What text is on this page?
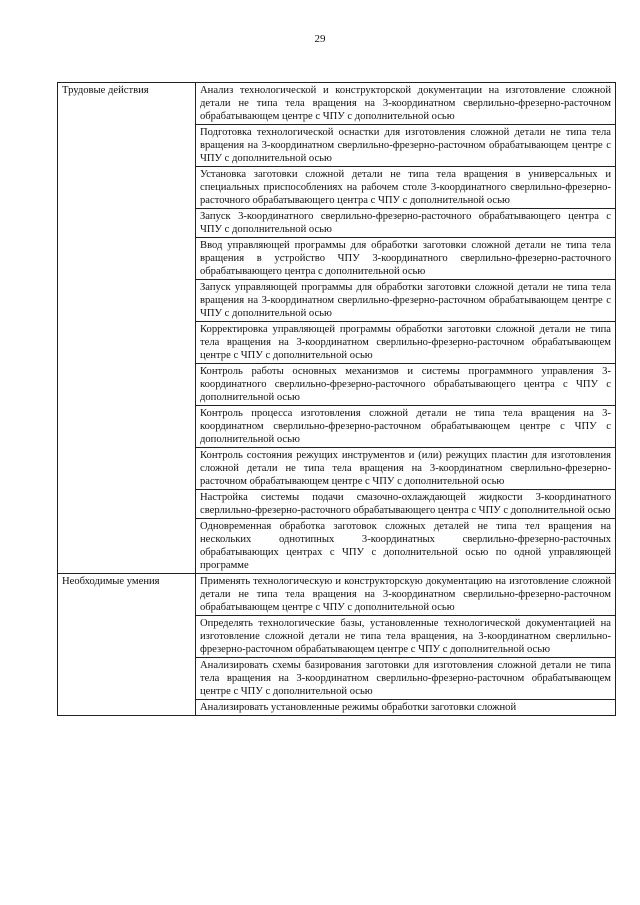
29
Трудовые действия	Анализ технологической и конструкторской документации на изготовление сложной детали не типа тела вращения на 3-координатном сверлильно-фрезерно-расточном обрабатывающем центре с ЧПУ с дополнительной осью
	Подготовка технологической оснастки для изготовления сложной детали не типа тела вращения на 3-координатном сверлильно-фрезерно-расточном обрабатывающем центре с ЧПУ с дополнительной осью
	Установка заготовки сложной детали не типа тела вращения в универсальных и специальных приспособлениях на рабочем столе 3-координатного сверлильно-фрезерно-расточного обрабатывающего центра с ЧПУ с дополнительной осью
	Запуск 3-координатного сверлильно-фрезерно-расточного обрабатывающего центра с ЧПУ с дополнительной осью
	Ввод управляющей программы для обработки заготовки сложной детали не типа тела вращения в устройство ЧПУ 3-координатного сверлильно-фрезерно-расточного обрабатывающего центра с дополнительной осью
	Запуск управляющей программы для обработки заготовки сложной детали не типа тела вращения на 3-координатном сверлильно-фрезерно-расточном обрабатывающем центре с ЧПУ с дополнительной осью
	Корректировка управляющей программы обработки заготовки сложной детали не типа тела вращения на 3-координатном сверлильно-фрезерно-расточном обрабатывающем центре с ЧПУ с дополнительной осью
	Контроль работы основных механизмов и системы программного управления 3-координатного сверлильно-фрезерно-расточного обрабатывающего центра с ЧПУ с дополнительной осью
	Контроль процесса изготовления сложной детали не типа тела вращения на 3-координатном сверлильно-фрезерно-расточном обрабатывающем центре с ЧПУ с дополнительной осью
	Контроль состояния режущих инструментов и (или) режущих пластин для изготовления сложной детали не типа тела вращения на 3-координатном сверлильно-фрезерно-расточном обрабатывающем центре с ЧПУ с дополнительной осью
	Настройка системы подачи смазочно-охлаждающей жидкости 3-координатного сверлильно-фрезерно-расточного обрабатывающего центра с ЧПУ с дополнительной осью
	Одновременная обработка заготовок сложных деталей не типа тел вращения на нескольких однотипных 3-координатных сверлильно-фрезерно-расточных обрабатывающих центрах с ЧПУ с дополнительной осью по одной управляющей программе
Необходимые умения	Применять технологическую и конструкторскую документацию на изготовление сложной детали не типа тела вращения на 3-координатном сверлильно-фрезерно-расточном обрабатывающем центре с ЧПУ с дополнительной осью
	Определять технологические базы, установленные технологической документацией на изготовление сложной детали не типа тела вращения, на 3-координатном сверлильно-фрезерно-расточном обрабатывающем центре с ЧПУ с дополнительной осью
	Анализировать схемы базирования заготовки для изготовления сложной детали не типа тела вращения на 3-координатном сверлильно-фрезерно-расточном обрабатывающем центре с ЧПУ с дополнительной осью
	Анализировать установленные режимы обработки заготовки сложной
